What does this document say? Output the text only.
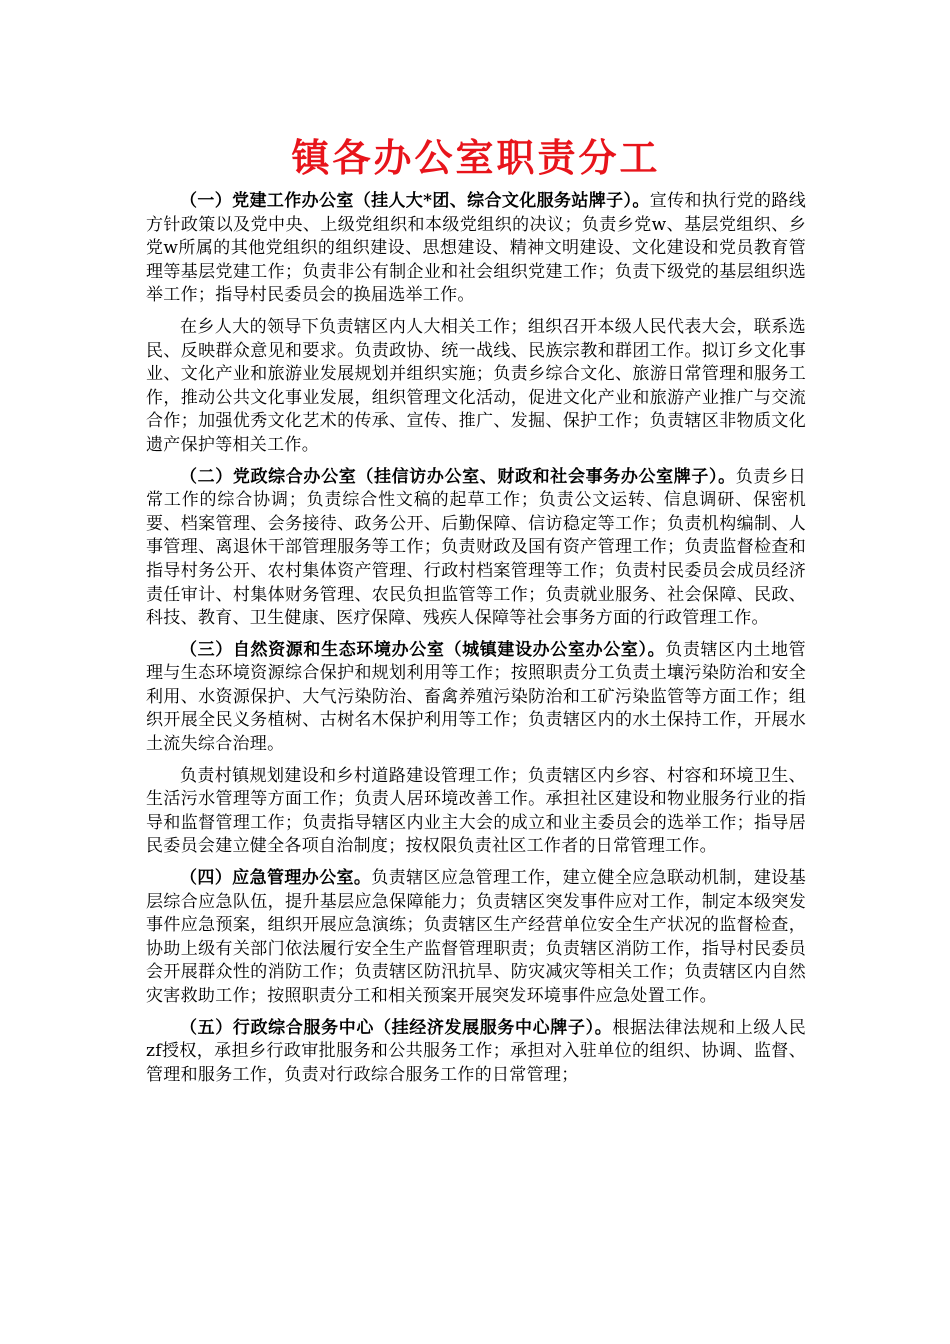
镇各办公室职责分工

（一）党建工作办公室（挂人大*团、综合文化服务站牌子）。宣传和执行党的路线方针政策以及党中央、上级党组织和本级党组织的决议；负责乡党w、基层党组织、乡党w所属的其他党组织的组织建设、思想建设、精神文明建设、文化建设和党员教育管理等基层党建工作；负责非公有制企业和社会组织党建工作；负责下级党的基层组织选举工作；指导村民委员会的换届选举工作。

在乡人大的领导下负责辖区内人大相关工作；组织召开本级人民代表大会，联系选民、反映群众意见和要求。负责政协、统一战线、民族宗教和群团工作。拟订乡文化事业、文化产业和旅游业发展规划并组织实施；负责乡综合文化、旅游日常管理和服务工作，推动公共文化事业发展，组织管理文化活动，促进文化产业和旅游产业推广与交流合作；加强优秀文化艺术的传承、宣传、推广、发掘、保护工作；负责辖区非物质文化遗产保护等相关工作。

（二）党政综合办公室（挂信访办公室、财政和社会事务办公室牌子）。负责乡日常工作的综合协调；负责综合性文稿的起草工作；负责公文运转、信息调研、保密机要、档案管理、会务接待、政务公开、后勤保障、信访稳定等工作；负责机构编制、人事管理、离退休干部管理服务等工作；负责财政及国有资产管理工作；负责监督检查和指导村务公开、农村集体资产管理、行政村档案管理等工作；负责村民委员会成员经济责任审计、村集体财务管理、农民负担监管等工作；负责就业服务、社会保障、民政、科技、教育、卫生健康、医疗保障、残疾人保障等社会事务方面的行政管理工作。

（三）自然资源和生态环境办公室（城镇建设办公室办公室）。负责辖区内土地管理与生态环境资源综合保护和规划利用等工作；按照职责分工负责土壤污染防治和安全利用、水资源保护、大气污染防治、畜禽养殖污染防治和工矿污染监管等方面工作；组织开展全民义务植树、古树名木保护利用等工作；负责辖区内的水土保持工作，开展水土流失综合治理。

负责村镇规划建设和乡村道路建设管理工作；负责辖区内乡容、村容和环境卫生、生活污水管理等方面工作；负责人居环境改善工作。承担社区建设和物业服务行业的指导和监督管理工作；负责指导辖区内业主大会的成立和业主委员会的选举工作；指导居民委员会建立健全各项自治制度；按权限负责社区工作者的日常管理工作。

（四）应急管理办公室。负责辖区应急管理工作，建立健全应急联动机制，建设基层综合应急队伍，提升基层应急保障能力；负责辖区突发事件应对工作，制定本级突发事件应急预案，组织开展应急演练；负责辖区生产经营单位安全生产状况的监督检查，协助上级有关部门依法履行安全生产监督管理职责；负责辖区消防工作，指导村民委员会开展群众性的消防工作；负责辖区防汛抗旱、防灾减灾等相关工作；负责辖区内自然灾害救助工作；按照职责分工和相关预案开展突发环境事件应急处置工作。

（五）行政综合服务中心（挂经济发展服务中心牌子）。根据法律法规和上级人民zf授权，承担乡行政审批服务和公共服务工作；承担对入驻单位的组织、协调、监督、管理和服务工作，负责对行政综合服务工作的日常管理；
